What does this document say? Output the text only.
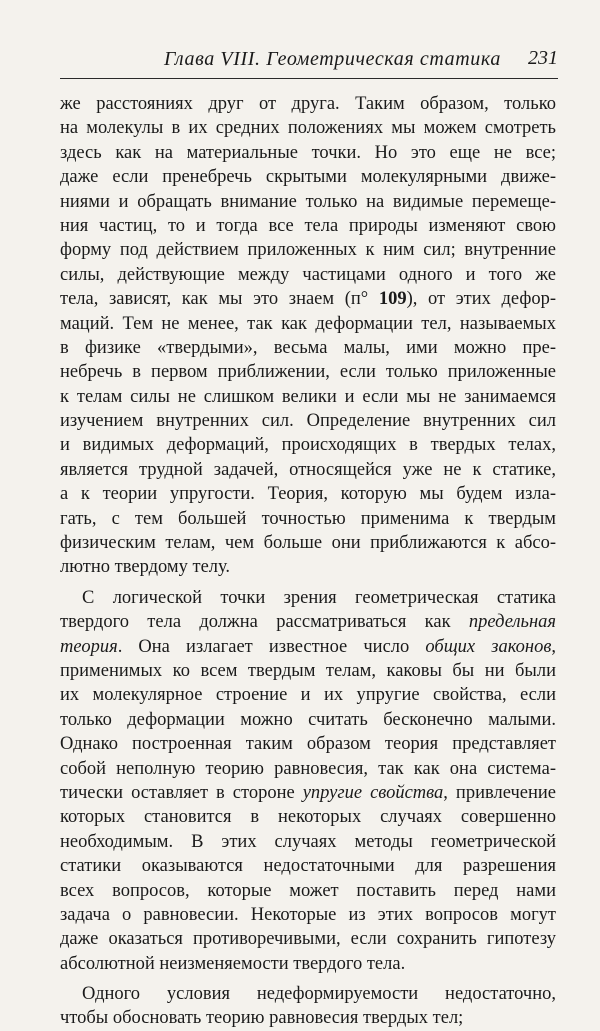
Глава VIII. Геометрическая статика 231
же расстояниях друг от друга. Таким образом, только
на молекулы в их средних положениях мы можем смотреть
здесь как на материальные точки. Но это еще не все;
даже если пренебречь скрытыми молекулярными движе-
ниями и обращать внимание только на видимые перемеще-
ния частиц, то и тогда все тела природы изменяют свою
форму под действием приложенных к ним сил; внутренние
силы, действующие между частицами одного и того же
тела, зависят, как мы это знаем (п° 109), от этих дефор-
маций. Тем не менее, так как деформации тел, называемых
в физике «твердыми», весьма малы, ими можно пре-
небречь в первом приближении, если только приложенные
к телам силы не слишком велики и если мы не занимаемся
изучением внутренних сил. Определение внутренних сил
и видимых деформаций, происходящих в твердых телах,
является трудной задачей, относящейся уже не к статике,
а к теории упругости. Теория, которую мы будем изла-
гать, с тем большей точностью применима к твердым
физическим телам, чем больше они приближаются к абсо-
лютно твердому телу.
С логической точки зрения геометрическая статика
твердого тела должна рассматриваться как предельная
теория. Она излагает известное число общих законов,
применимых ко всем твердым телам, каковы бы ни были
их молекулярное строение и их упругие свойства, если
только деформации можно считать бесконечно малыми.
Однако построенная таким образом теория представляет
собой неполную теорию равновесия, так как она системa-
тически оставляет в стороне упругие свойства, привлечение
которых становится в некоторых случаях совершенно
необходимым. В этих случаях методы геометрической
статики оказываются недостаточными для разрешения
всех вопросов, которые может поставить перед нами
задача о равновесии. Некоторые из этих вопросов могут
даже оказаться противоречивыми, если сохранить гипотезу
абсолютной неизменяемости твердого тела.
Одного условия недеформируемости недостаточно,
чтобы обосновать теорию равновесия твердых тел;
